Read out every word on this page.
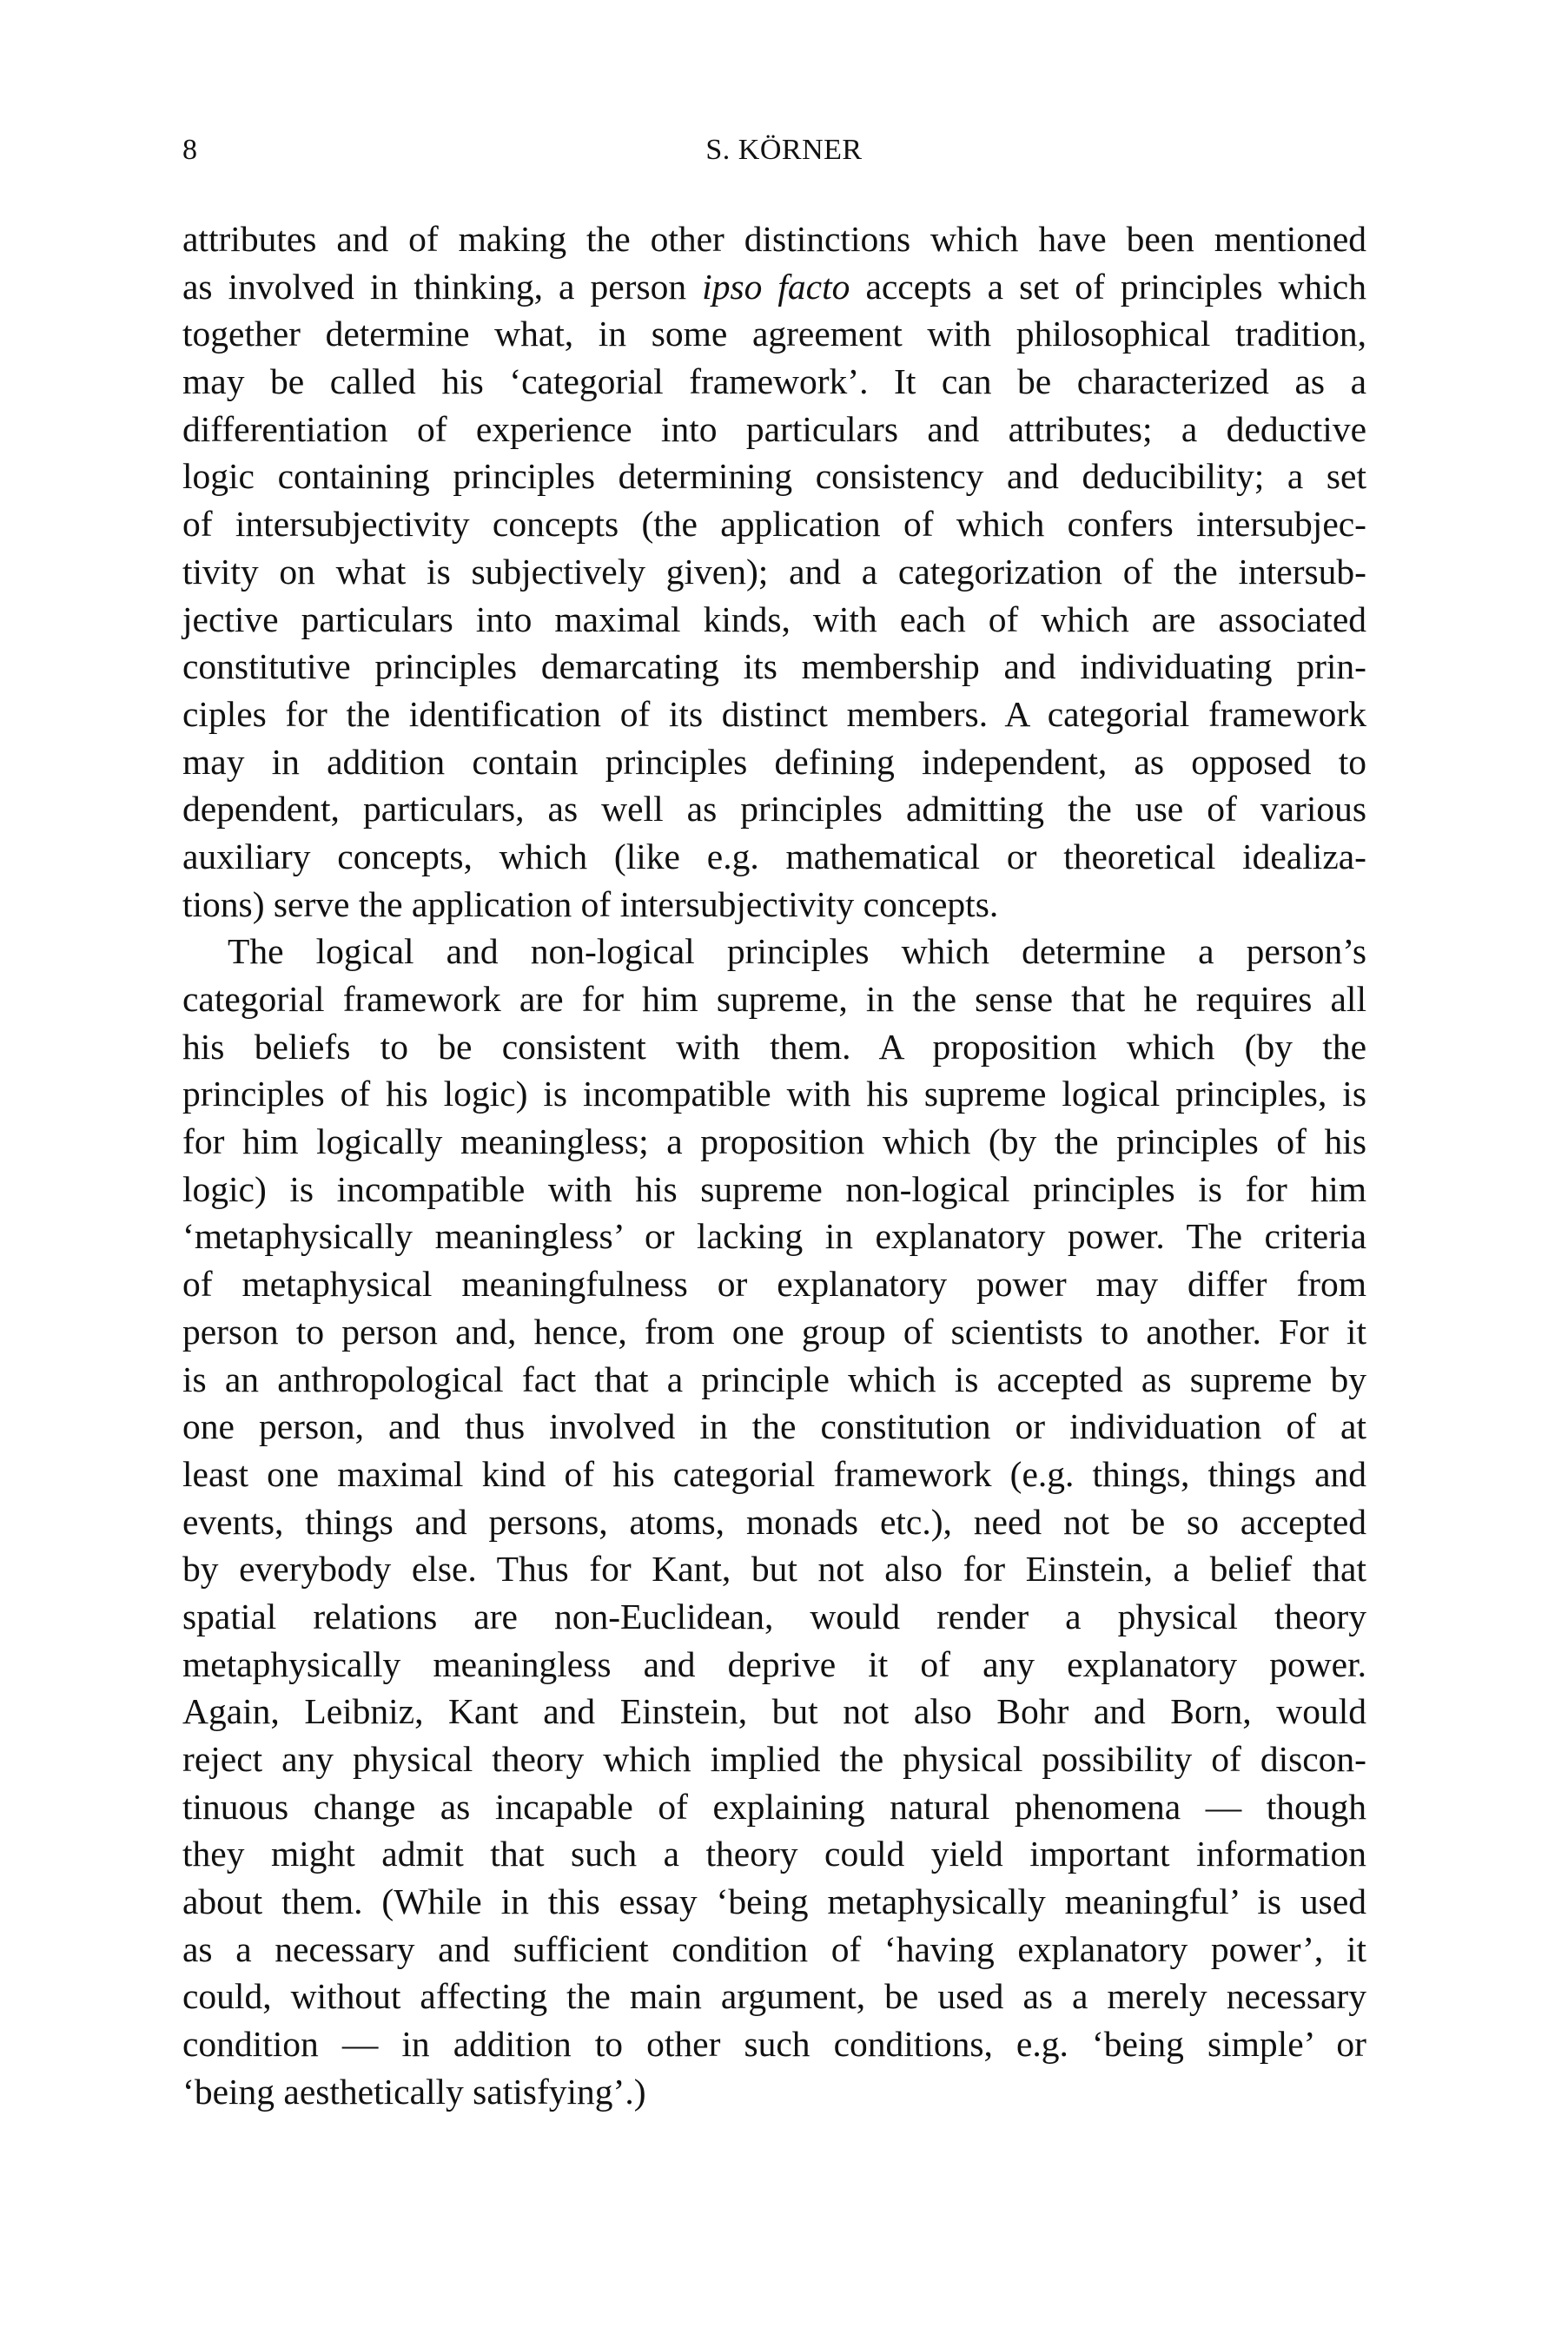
8	S. KÖRNER
attributes and of making the other distinctions which have been mentioned
as involved in thinking, a person ipso facto accepts a set of principles which
together determine what, in some agreement with philosophical tradition,
may be called his ‘categorial framework’. It can be characterized as a
differentiation of experience into particulars and attributes; a deductive
logic containing principles determining consistency and deducibility; a set
of intersubjectivity concepts (the application of which confers intersubjec-
tivity on what is subjectively given); and a categorization of the intersub-
jective particulars into maximal kinds, with each of which are associated
constitutive principles demarcating its membership and individuating prin-
ciples for the identification of its distinct members. A categorial framework
may in addition contain principles defining independent, as opposed to
dependent, particulars, as well as principles admitting the use of various
auxiliary concepts, which (like e.g. mathematical or theoretical idealiza-
tions) serve the application of intersubjectivity concepts.
The logical and non-logical principles which determine a person’s
categorial framework are for him supreme, in the sense that he requires all
his beliefs to be consistent with them. A proposition which (by the
principles of his logic) is incompatible with his supreme logical principles, is
for him logically meaningless; a proposition which (by the principles of his
logic) is incompatible with his supreme non-logical principles is for him
‘metaphysically meaningless’ or lacking in explanatory power. The criteria
of metaphysical meaningfulness or explanatory power may differ from
person to person and, hence, from one group of scientists to another. For it
is an anthropological fact that a principle which is accepted as supreme by
one person, and thus involved in the constitution or individuation of at
least one maximal kind of his categorial framework (e.g. things, things and
events, things and persons, atoms, monads etc.), need not be so accepted
by everybody else. Thus for Kant, but not also for Einstein, a belief that
spatial relations are non-Euclidean, would render a physical theory
metaphysically meaningless and deprive it of any explanatory power.
Again, Leibniz, Kant and Einstein, but not also Bohr and Born, would
reject any physical theory which implied the physical possibility of discon-
tinuous change as incapable of explaining natural phenomena — though
they might admit that such a theory could yield important information
about them. (While in this essay ‘being metaphysically meaningful’ is used
as a necessary and sufficient condition of ‘having explanatory power’, it
could, without affecting the main argument, be used as a merely necessary
condition — in addition to other such conditions, e.g. ‘being simple’ or
‘being aesthetically satisfying’.)
